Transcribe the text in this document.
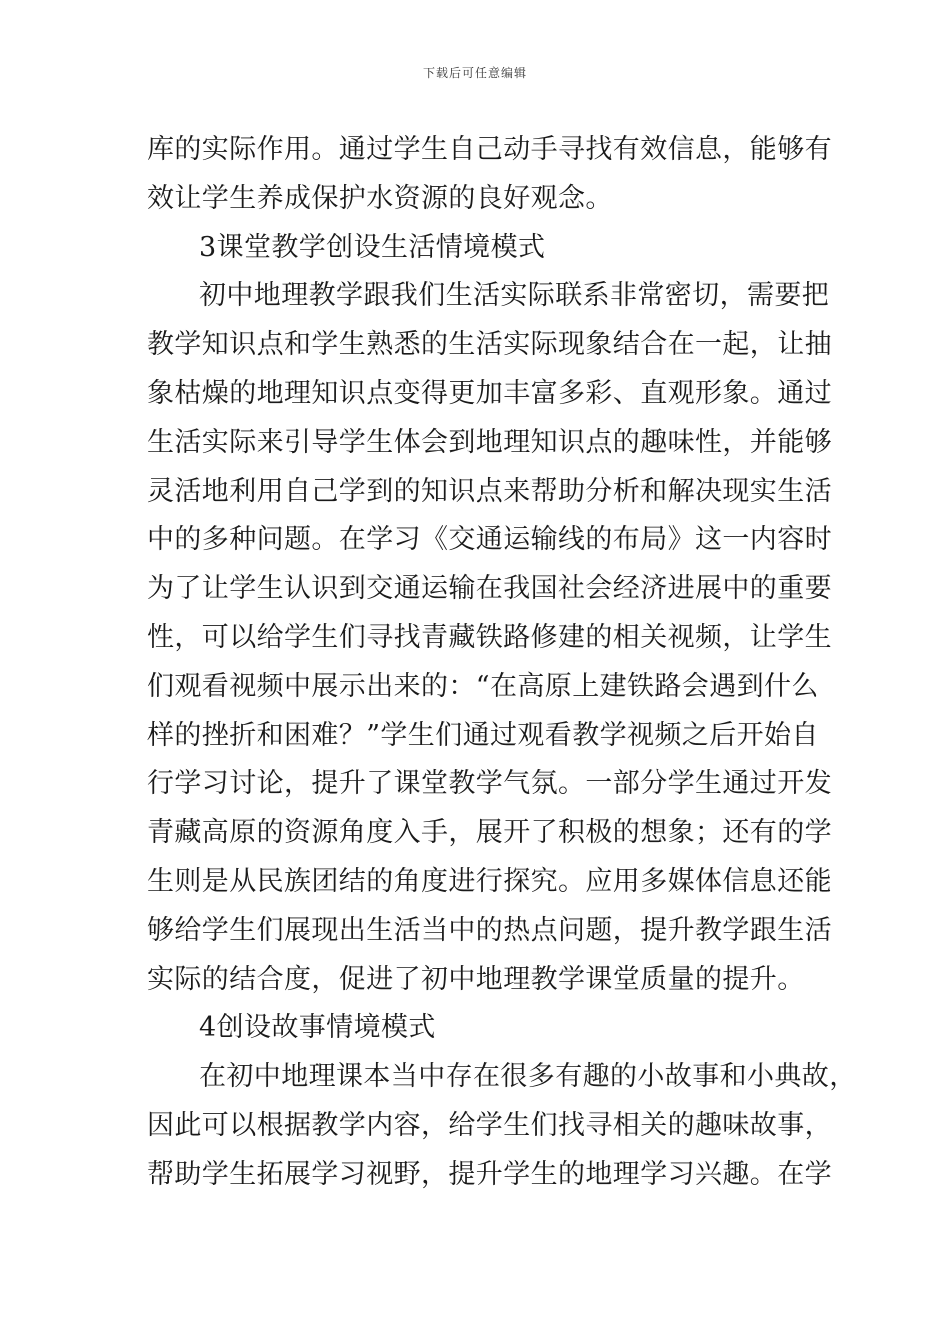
下载后可任意编辑
库的实际作用。通过学生自己动手寻找有效信息，能够有
效让学生养成保护水资源的良好观念。
3课堂教学创设生活情境模式
初中地理教学跟我们生活实际联系非常密切，需要把
教学知识点和学生熟悉的生活实际现象结合在一起，让抽
象枯燥的地理知识点变得更加丰富多彩、直观形象。通过
生活实际来引导学生体会到地理知识点的趣味性，并能够
灵活地利用自己学到的知识点来帮助分析和解决现实生活
中的多种问题。在学习《交通运输线的布局》这一内容时
为了让学生认识到交通运输在我国社会经济进展中的重要
性，可以给学生们寻找青藏铁路修建的相关视频，让学生
们观看视频中展示出来的：“在高原上建铁路会遇到什么
样的挫折和困难？”学生们通过观看教学视频之后开始自
行学习讨论，提升了课堂教学气氛。一部分学生通过开发
青藏高原的资源角度入手，展开了积极的想象；还有的学
生则是从民族团结的角度进行探究。应用多媒体信息还能
够给学生们展现出生活当中的热点问题，提升教学跟生活
实际的结合度，促进了初中地理教学课堂质量的提升。
4创设故事情境模式
在初中地理课本当中存在很多有趣的小故事和小典故，
因此可以根据教学内容，给学生们找寻相关的趣味故事，
帮助学生拓展学习视野，提升学生的地理学习兴趣。在学
